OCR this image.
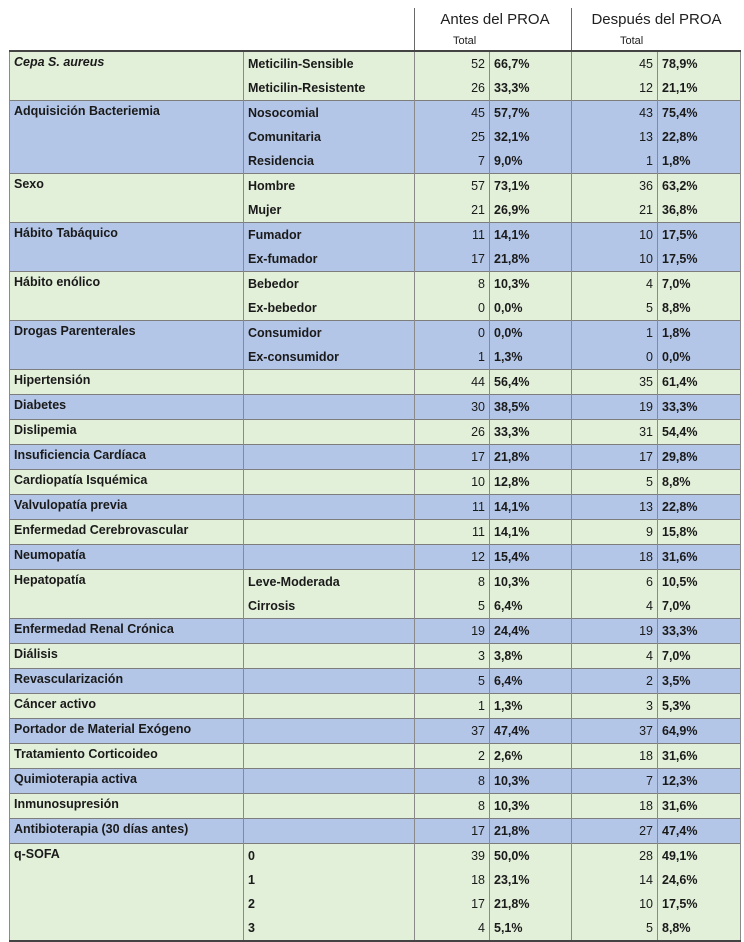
Antes del PROA
Total
Después del PROA
Total
Cepa S. aureus	Meticilin-Sensible	52	66,7%	45	78,9%
	Meticilin-Resistente	26	33,3%	12	21,1%
Adquisición Bacteriemia	Nosocomial	45	57,7%	43	75,4%
	Comunitaria	25	32,1%	13	22,8%
	Residencia	7	9,0%	1	1,8%
Sexo	Hombre	57	73,1%	36	63,2%
	Mujer	21	26,9%	21	36,8%
Hábito Tabáquico	Fumador	11	14,1%	10	17,5%
	Ex-fumador	17	21,8%	10	17,5%
Hábito enólico	Bebedor	8	10,3%	4	7,0%
	Ex-bebedor	0	0,0%	5	8,8%
Drogas Parenterales	Consumidor	0	0,0%	1	1,8%
	Ex-consumidor	1	1,3%	0	0,0%
Hipertensión		44	56,4%	35	61,4%
Diabetes		30	38,5%	19	33,3%
Dislipemia		26	33,3%	31	54,4%
Insuficiencia Cardíaca		17	21,8%	17	29,8%
Cardiopatía Isquémica		10	12,8%	5	8,8%
Valvulopatía previa		11	14,1%	13	22,8%
Enfermedad Cerebrovascular		11	14,1%	9	15,8%
Neumopatía		12	15,4%	18	31,6%
Hepatopatía	Leve-Moderada	8	10,3%	6	10,5%
	Cirrosis	5	6,4%	4	7,0%
Enfermedad Renal Crónica		19	24,4%	19	33,3%
Diálisis		3	3,8%	4	7,0%
Revascularización		5	6,4%	2	3,5%
Cáncer activo		1	1,3%	3	5,3%
Portador de Material Exógeno		37	47,4%	37	64,9%
Tratamiento Corticoideo		2	2,6%	18	31,6%
Quimioterapia activa		8	10,3%	7	12,3%
Inmunosupresión		8	10,3%	18	31,6%
Antibioterapia (30 días antes)		17	21,8%	27	47,4%
q-SOFA	0	39	50,0%	28	49,1%
	1	18	23,1%	14	24,6%
	2	17	21,8%	10	17,5%
	3	4	5,1%	5	8,8%
